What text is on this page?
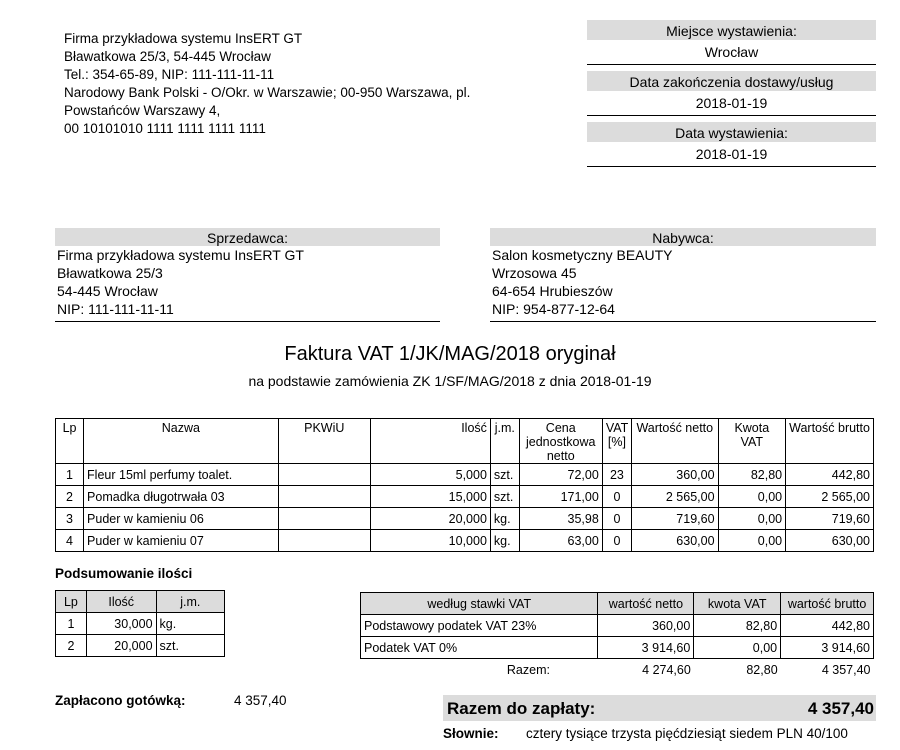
Firma przykładowa systemu InsERT GT
Bławatkowa 25/3, 54-445 Wrocław
Tel.: 354-65-89, NIP: 111-111-11-11
Narodowy Bank Polski - O/Okr. w Warszawie; 00-950 Warszawa, pl.
Powstańców Warszawy 4,
00 10101010 1111 1111 1111 1111
Miejsce wystawienia:
Wrocław
Data zakończenia dostawy/usług
2018-01-19
Data wystawienia:
2018-01-19
Sprzedawca:
Firma przykładowa systemu InsERT GT
Bławatkowa 25/3
54-445 Wrocław
NIP: 111-111-11-11
Nabywca:
Salon kosmetyczny BEAUTY
Wrzosowa 45
64-654 Hrubieszów
NIP: 954-877-12-64
Faktura VAT 1/JK/MAG/2018 oryginał
na podstawie zamówienia ZK 1/SF/MAG/2018 z dnia 2018-01-19
Lp	Nazwa	PKWiU	Ilość	j.m.	Cena jednostkowa netto	VAT [%]	Wartość netto	Kwota VAT	Wartość brutto
1	Fleur 15ml perfumy toalet.		5,000	szt.	72,00	23	360,00	82,80	442,80
2	Pomadka długotrwała 03		15,000	szt.	171,00	0	2 565,00	0,00	2 565,00
3	Puder w kamieniu 06		20,000	kg.	35,98	0	719,60	0,00	719,60
4	Puder w kamieniu 07		10,000	kg.	63,00	0	630,00	0,00	630,00
Podsumowanie ilości
Lp	Ilość	j.m.
1	30,000	kg.
2	20,000	szt.
według stawki VAT	wartość netto	kwota VAT	wartość brutto
Podstawowy podatek VAT 23%	360,00	82,80	442,80
Podatek VAT 0%	3 914,60	0,00	3 914,60
Razem:	4 274,60	82,80	4 357,40
Zapłacono gotówką:	4 357,40	Razem do zapłaty:	4 357,40
Słownie: cztery tysiące trzysta pięćdziesiąt siedem PLN 40/100
